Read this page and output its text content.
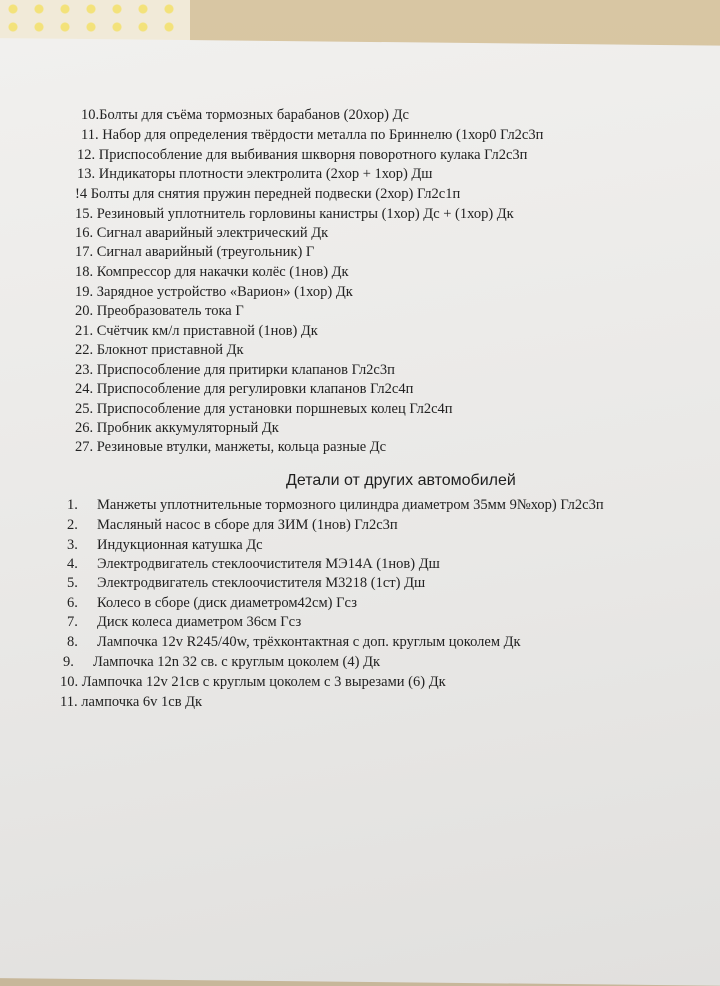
10.Болты для съёма тормозных барабанов (20хор) Дс
11. Набор для определения твёрдости металла по Бриннелю (1хор0 Гл2с3п
12. Приспособление для выбивания шкворня поворотного кулака Гл2с3п
13. Индикаторы плотности электролита (2хор + 1хор) Дш
!4 Болты для снятия пружин передней подвески (2хор) Гл2с1п
15. Резиновый уплотнитель горловины канистры (1хор) Дс + (1хор) Дк
16. Сигнал аварийный электрический Дк
17. Сигнал аварийный (треугольник) Г
18. Компрессор для накачки колёс (1нов) Дк
19. Зарядное устройство «Варион» (1хор) Дк
20. Преобразователь тока Г
21. Счётчик км/л приставной (1нов) Дк
22. Блокнот приставной Дк
23. Приспособление для притирки клапанов Гл2с3п
24. Приспособление для регулировки клапанов Гл2с4п
25. Приспособление для установки поршневых колец Гл2с4п
26. Пробник аккумуляторный Дк
27. Резиновые втулки, манжеты, кольца разные Дс
Детали от других автомобилей
1. Манжеты уплотнительные тормозного цилиндра диаметром 35мм 9№хор) Гл2с3п
2. Масляный насос в сборе для ЗИМ (1нов) Гл2с3п
3. Индукционная катушка Дс
4. Электродвигатель стеклоочистителя МЭ14А (1нов) Дш
5. Электродвигатель стеклоочистителя М3218 (1ст) Дш
6. Колесо в сборе (диск диаметром42см) Гсз
7. Диск колеса диаметром 36см Гсз
8. Лампочка 12v R245/40w, трёхконтактная с доп. круглым цоколем Дк
9. Лампочка 12n 32 св. с круглым цоколем (4) Дк
10. Лампочка 12v 21св с круглым цоколем с 3 вырезами (6) Дк
11. лампочка 6v 1св Дк
